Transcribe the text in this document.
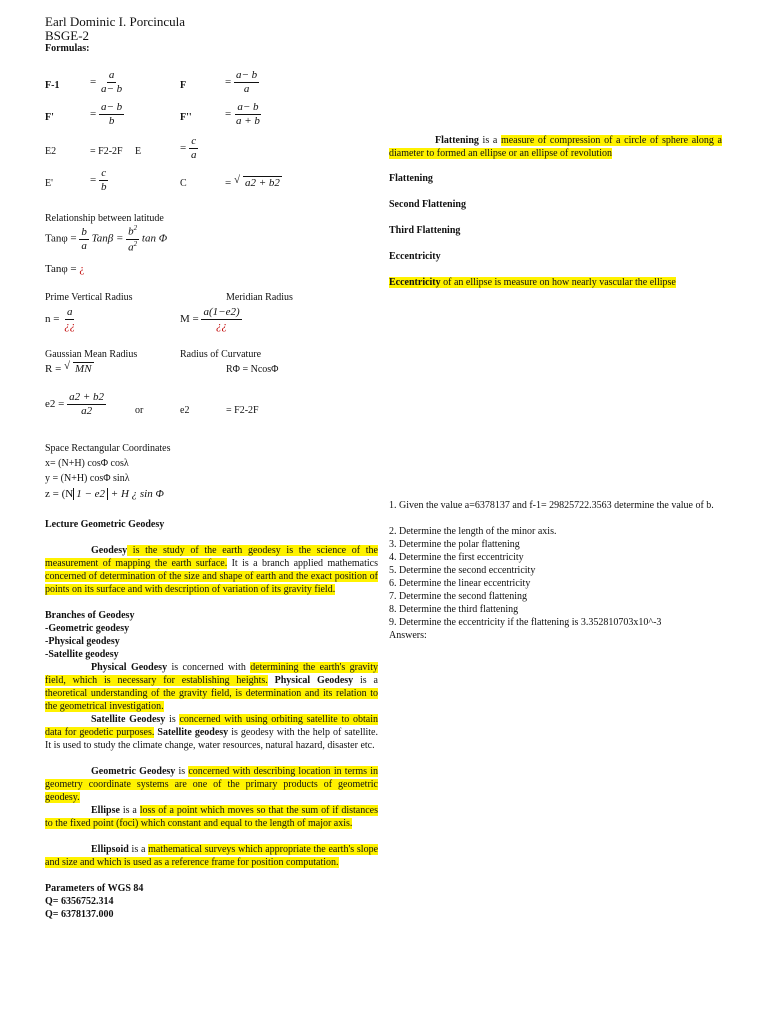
Earl Dominic I. Porcincula
BSGE-2
Formulas:
F-1	= $\frac{a}{a- b}$	F	= $\frac{a- b}{a}$
F'	= $\frac{a- b}{b}$	F''	= $\frac{a- b}{a + b}$
E2	= F2-2F E	= $\frac{c}{a}$
E'	= $\frac{c}{b}$	C	= √ a2 + b2
Relationship between latitude
$Tan\varphi = \frac{b}{a}$ $Tan\beta = \frac{b^2}{a^2}$ tan Φ
Tanφ = ¿
Prime Vertical Radius	Meridian Radius
$n = \frac{a}{¿¿}$	$M = \frac{a(1-e2)}{¿¿}$
Gaussian Mean Radius	Radius of Curvature
R = √ MN	RΦ = NcosΦ
$e2 = \frac{a2 + b2}{a2}$	or	e2	= F2-2F
Space Rectangular Coordinates
x= (N+H) cosΦ cosλ
y = (N+H) cosΦ sinλ
z = (N 1 − e2 + H ¿ sin Φ
Lecture Geometric Geodesy
Geodesy is the study of the earth geodesy is the science of the measurement of mapping the earth surface. It is a branch applied mathematics concerned of determination of the size and shape of earth and the exact position of points on its surface and with description of variation of its gravity field.
Branches of Geodesy
-Geometric geodesy
-Physical geodesy
-Satellite geodesy
Physical Geodesy is concerned with determining the earth's gravity field, which is necessary for establishing heights. Physical Geodesy is a theoretical understanding of the gravity field, is determination and its relation to the geometrical investigation.
Satellite Geodesy is concerned with using orbiting satellite to obtain data for geodetic purposes. Satellite geodesy is geodesy with the help of satellite. It is used to study the climate change, water resources, natural hazard, disaster etc.
Geometric Geodesy is concerned with describing location in terms in geometry coordinate systems are one of the primary products of geometric geodesy.
Ellipse is a loss of a point which moves so that the sum of if distances to the fixed point (foci) which constant and equal to the length of major axis.
Ellipsoid is a mathematical surveys which appropriate the earth's slope and size and which is used as a reference frame for position computation.
Parameters of WGS 84
Q= 6356752.314
Q= 6378137.000
Flattening is a measure of compression of a circle of sphere along a diameter to formed an ellipse or an ellipse of revolution
Flattening
Second Flattening
Third Flattening
Eccentricity
Eccentricity of an ellipse is measure on how nearly vascular the ellipse
1. Given the value a=6378137 and f-1= 29825722.3563 determine the value of b.
2. Determine the length of the minor axis.
3. Determine the polar flattening
4. Determine the first eccentricity
5. Determine the second eccentricity
6. Determine the linear eccentricity
7. Determine the second flattening
8. Determine the third flattening
9. Determine the eccentricity if the flattening is 3.352810703x10^-3
Answers:
